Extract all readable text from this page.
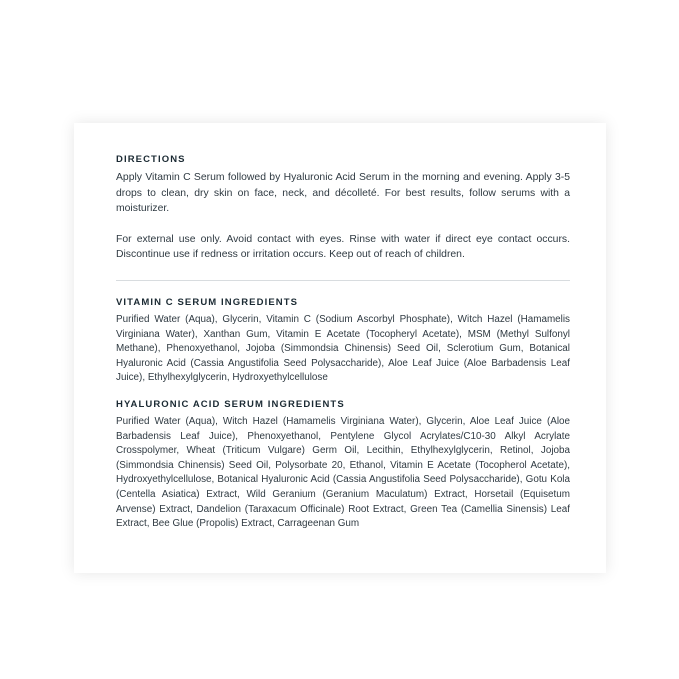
DIRECTIONS

Apply Vitamin C Serum followed by Hyaluronic Acid Serum in the morning and evening. Apply 3-5 drops to clean, dry skin on face, neck, and décolleté. For best results, follow serums with a moisturizer.

For external use only. Avoid contact with eyes. Rinse with water if direct eye contact occurs. Discontinue use if redness or irritation occurs. Keep out of reach of children.

VITAMIN C SERUM INGREDIENTS

Purified Water (Aqua), Glycerin, Vitamin C (Sodium Ascorbyl Phosphate), Witch Hazel (Hamamelis Virginiana Water), Xanthan Gum, Vitamin E Acetate (Tocopheryl Acetate), MSM (Methyl Sulfonyl Methane), Phenoxyethanol, Jojoba (Simmondsia Chinensis) Seed Oil, Sclerotium Gum, Botanical Hyaluronic Acid (Cassia Angustifolia Seed Polysaccharide), Aloe Leaf Juice (Aloe Barbadensis Leaf Juice), Ethylhexylglycerin, Hydroxyethylcellulose

HYALURONIC ACID SERUM INGREDIENTS

Purified Water (Aqua), Witch Hazel (Hamamelis Virginiana Water), Glycerin, Aloe Leaf Juice (Aloe Barbadensis Leaf Juice), Phenoxyethanol, Pentylene Glycol Acrylates/C10-30 Alkyl Acrylate Crosspolymer, Wheat (Triticum Vulgare) Germ Oil, Lecithin, Ethylhexylglycerin, Retinol, Jojoba (Simmondsia Chinensis) Seed Oil, Polysorbate 20, Ethanol, Vitamin E Acetate (Tocopherol Acetate), Hydroxyethylcellulose, Botanical Hyaluronic Acid (Cassia Angustifolia Seed Polysaccharide), Gotu Kola (Centella Asiatica) Extract, Wild Geranium (Geranium Maculatum) Extract, Horsetail (Equisetum Arvense) Extract, Dandelion (Taraxacum Officinale) Root Extract, Green Tea (Camellia Sinensis) Leaf Extract, Bee Glue (Propolis) Extract, Carrageenan Gum
